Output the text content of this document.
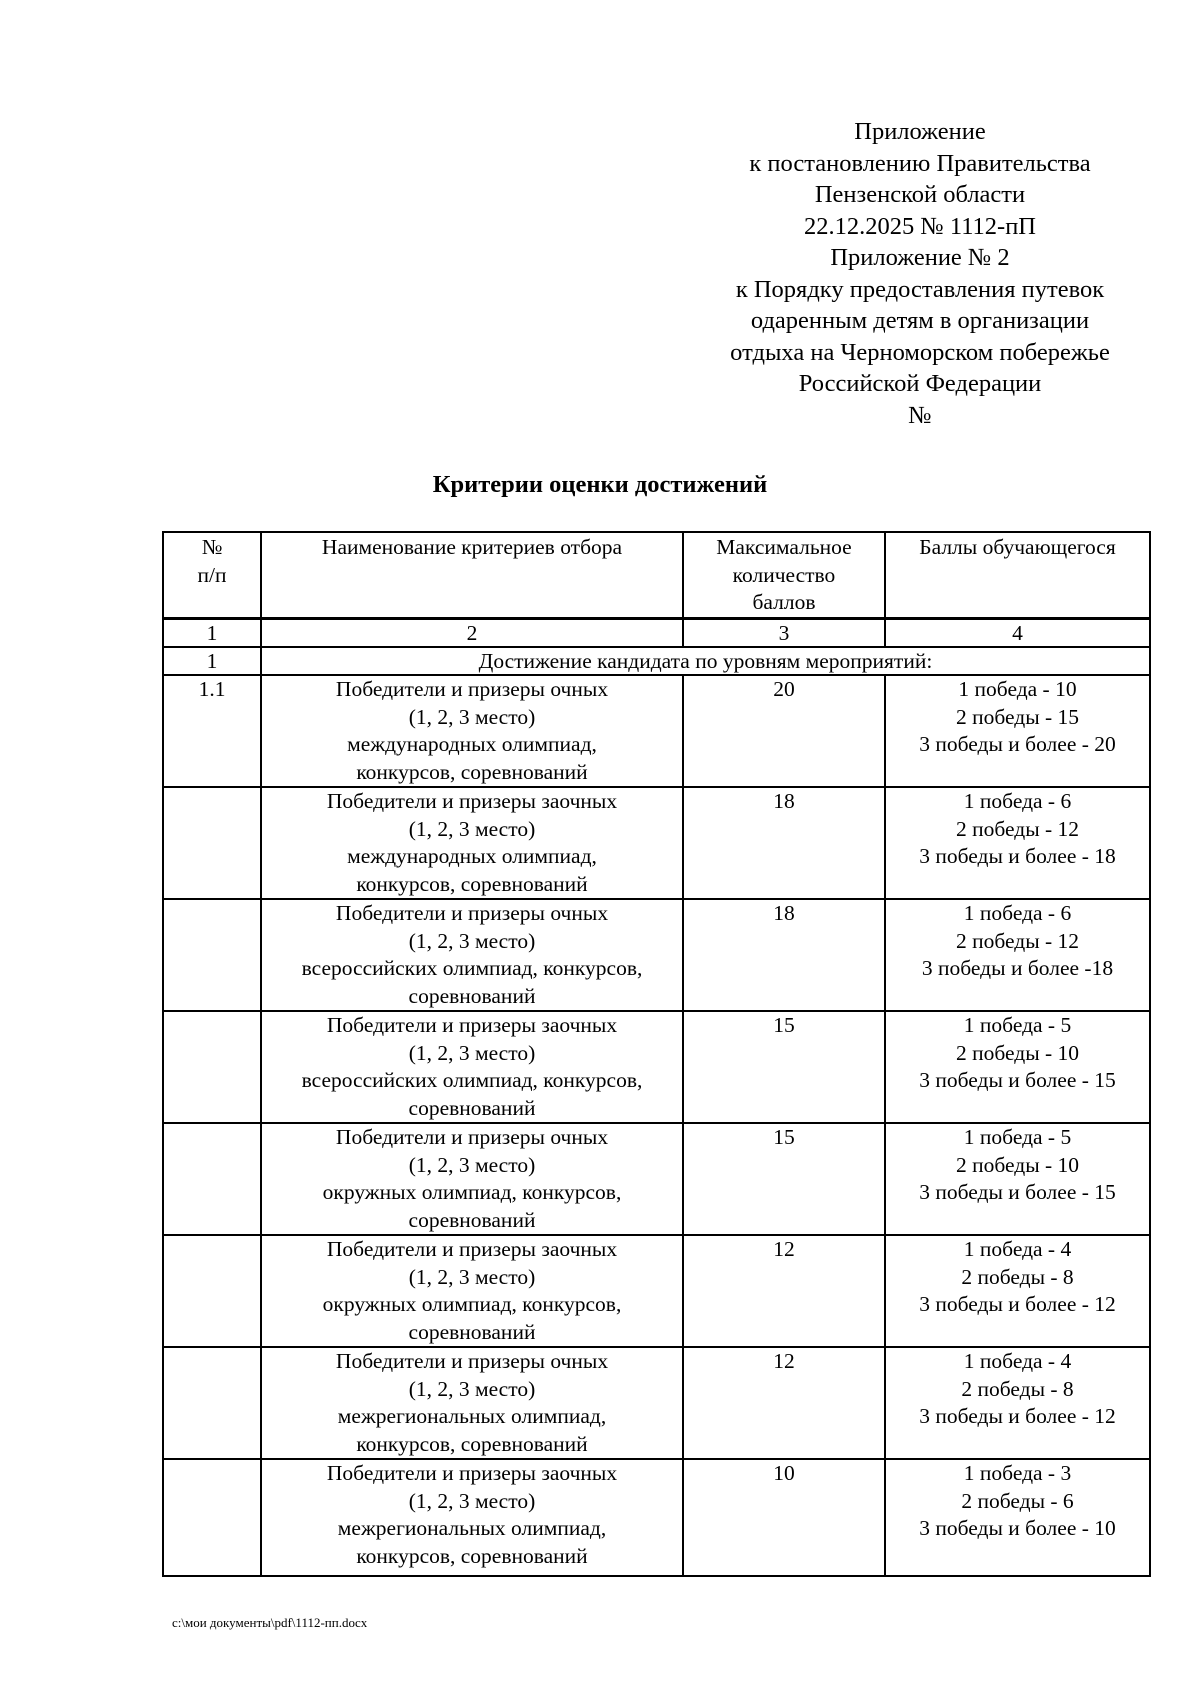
Приложение
к постановлению Правительства
Пензенской области
22.12.2025 № 1112-пП
Приложение № 2
к Порядку предоставления путевок
одаренным детям в организации
отдыха на Черноморском побережье
Российской Федерации
№
Критерии оценки достижений
№
п/п
	Наименование критериев отбора	Максимальное
количество
баллов
	Баллы обучающегося
1	2	3	4
1	Достижение кандидата по уровням мероприятий:		
1.1	Победители и призеры очных
(1, 2, 3 место)
международных олимпиад,
конкурсов, соревнований	20	1 победа - 10
2 победы - 15
3 победы и более - 20

	Победители и призеры заочных
(1, 2, 3 место)
международных олимпиад,
конкурсов, соревнований	18	1 победа - 6
2 победы - 12
3 победы и более - 18

	Победители и призеры очных
(1, 2, 3 место)
всероссийских олимпиад, конкурсов,
соревнований	18	1 победа - 6
2 победы - 12
3 победы и более -18

	Победители и призеры заочных
(1, 2, 3 место)
всероссийских олимпиад, конкурсов,
соревнований	15	1 победа - 5
2 победы - 10
3 победы и более - 15

	Победители и призеры очных
(1, 2, 3 место)
окружных олимпиад, конкурсов,
соревнований	15	1 победа - 5
2 победы - 10
3 победы и более - 15

	Победители и призеры заочных
(1, 2, 3 место)
окружных олимпиад, конкурсов,
соревнований	12	1 победа - 4
2 победы - 8
3 победы и более - 12

	Победители и призеры очных
(1, 2, 3 место)
межрегиональных олимпиад,
конкурсов, соревнований	12	1 победа - 4
2 победы - 8
3 победы и более - 12

	Победители и призеры заочных
(1, 2, 3 место)
межрегиональных олимпиад,
конкурсов, соревнований	10	1 победа - 3
2 победы - 6
3 победы и более - 10
c:\мои документы\pdf\1112-пп.docx
